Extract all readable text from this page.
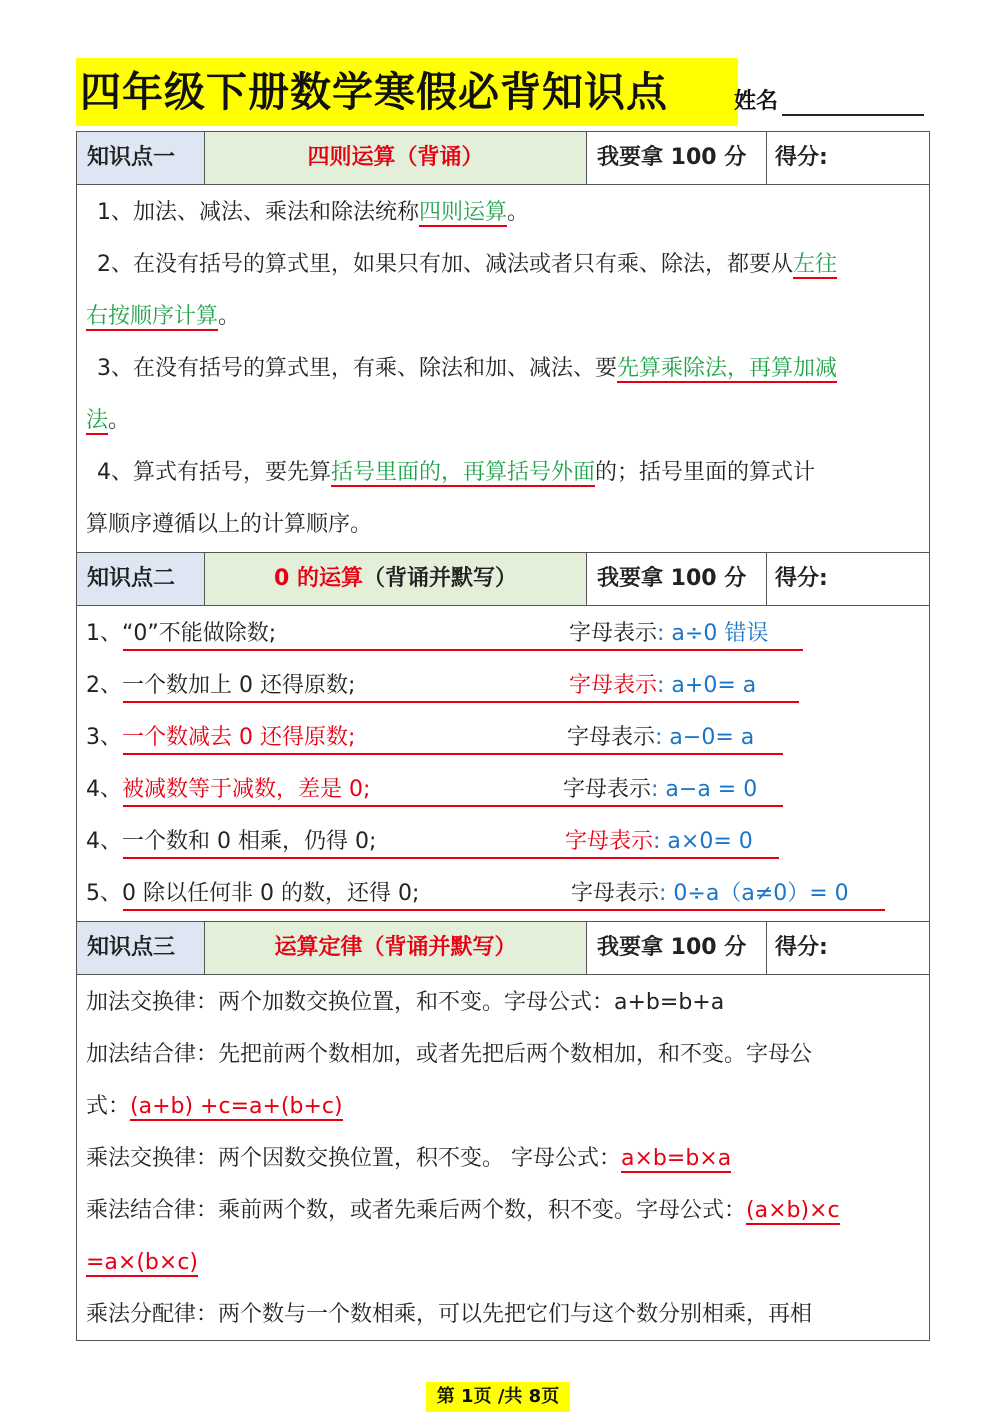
四年级下册数学寒假必背知识点	姓名
知识点一	四则运算（背诵）	我要拿 100 分	得分:
1、加法、减法、乘法和除法统称四则运算。
2、在没有括号的算式里，如果只有加、减法或者只有乘、除法，都要从左往
右按顺序计算。
3、在没有括号的算式里，有乘、除法和加、减法、要先算乘除法，再算加减
法。
4、算式有括号，要先算括号里面的，再算括号外面的；括号里面的算式计
算顺序遵循以上的计算顺序。
知识点二	0 的运算（背诵并默写）	我要拿 100 分	得分:
1、“0”不能做除数;	字母表示: a÷0 错误
2、一个数加上 0 还得原数;	字母表示: a+0= a
3、一个数减去 0 还得原数;	字母表示: a−0= a
4、被减数等于减数，差是 0;	字母表示: a−a = 0
4、一个数和 0 相乘，仍得 0;	字母表示: a×0= 0
5、0 除以任何非 0 的数，还得 0;	字母表示: 0÷a（a≠0）= 0
知识点三	运算定律（背诵并默写）	我要拿 100 分	得分:
加法交换律：两个加数交换位置，和不变。字母公式：a+b=b+a
加法结合律：先把前两个数相加，或者先把后两个数相加，和不变。字母公
式：(a+b) +c=a+(b+c)
乘法交换律：两个因数交换位置，积不变。 字母公式：a×b=b×a
乘法结合律：乘前两个数，或者先乘后两个数，积不变。字母公式：(a×b)×c
=a×(b×c)
乘法分配律：两个数与一个数相乘，可以先把它们与这个数分别相乘，再相
第 1页 /共 8页
